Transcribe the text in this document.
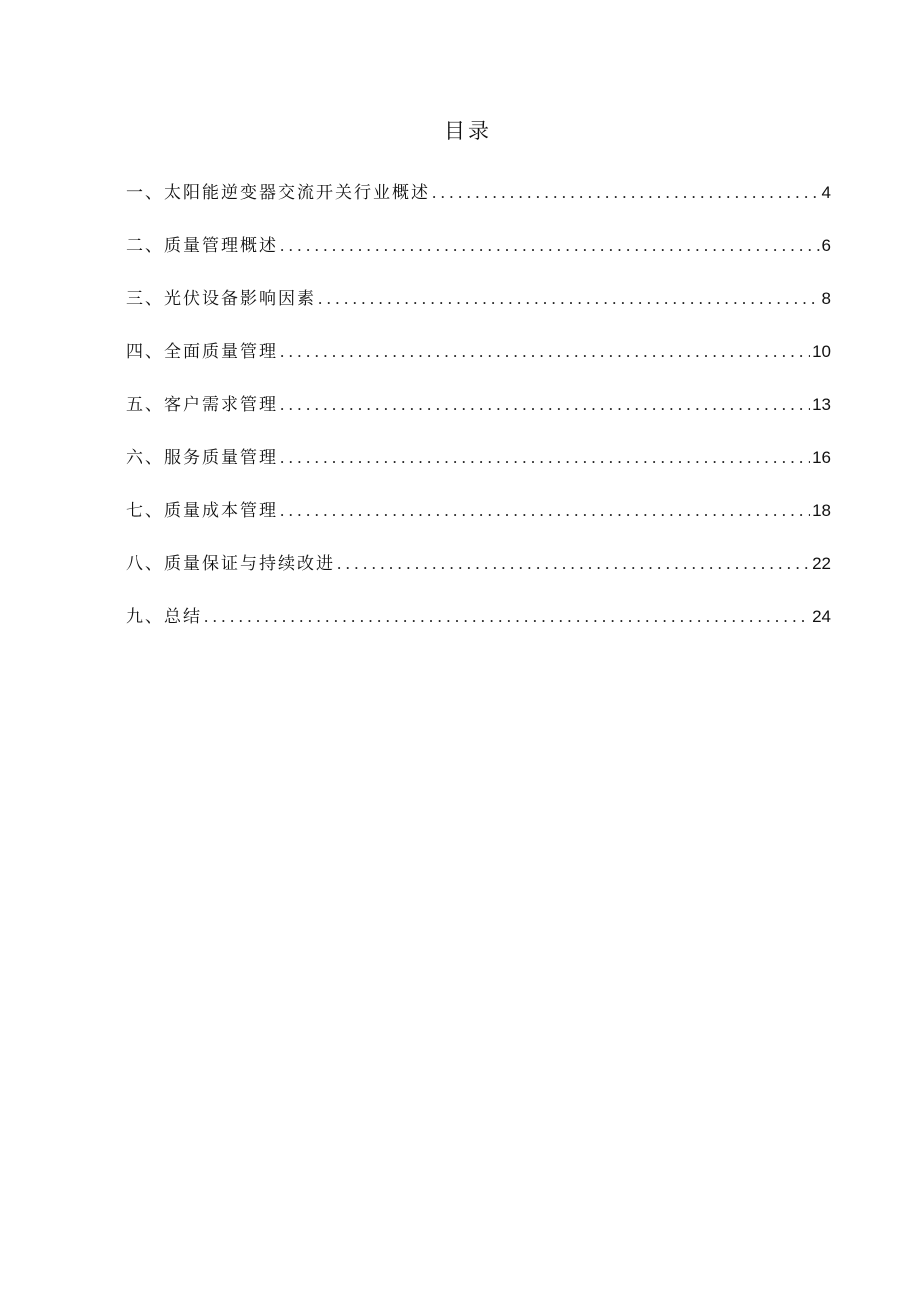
目录
一、太阳能逆变器交流开关行业概述 .....	4
二、质量管理概述 .....	6
三、光伏设备影响因素 .....	8
四、全面质量管理 .....	10
五、客户需求管理 .....	13
六、服务质量管理 .....	16
七、质量成本管理 .....	18
八、质量保证与持续改进 .....	22
九、总结 .....	24
